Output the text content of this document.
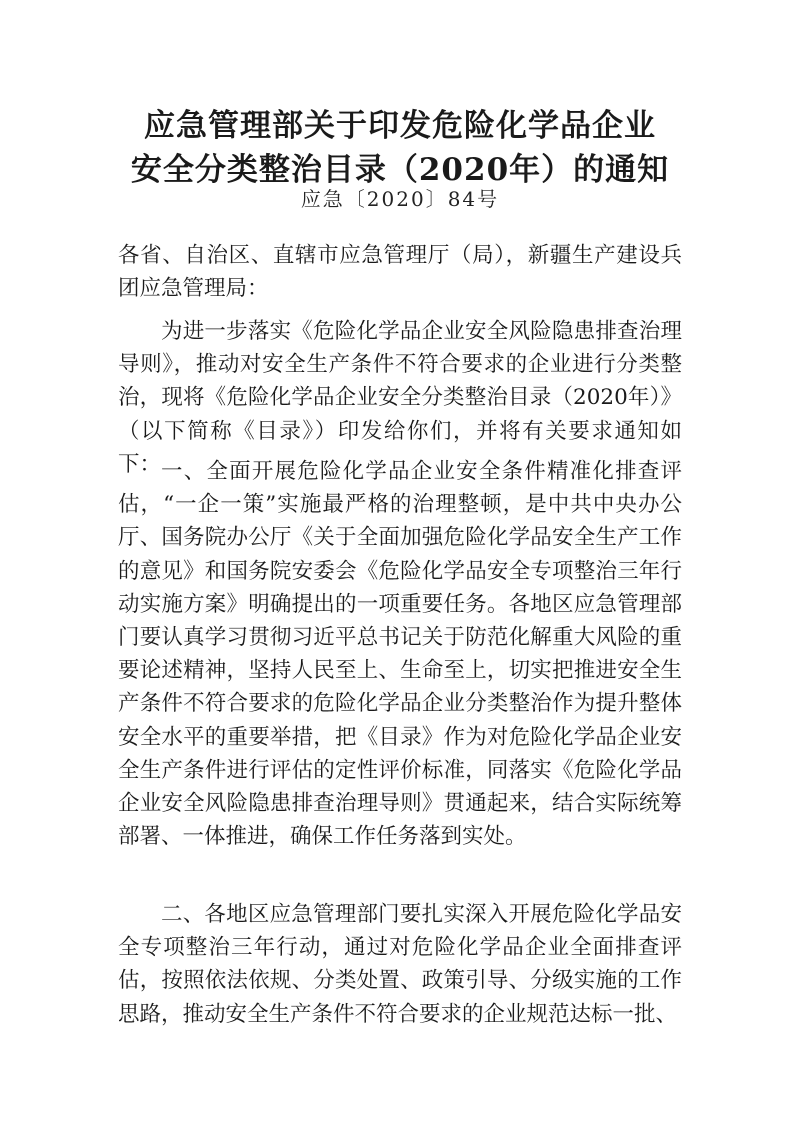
应急管理部关于印发危险化学品企业
安全分类整治目录（2020年）的通知
应急〔2020〕84号

各省、自治区、直辖市应急管理厅（局），新疆生产建设兵团应急管理局：

为进一步落实《危险化学品企业安全风险隐患排查治理导则》，推动对安全生产条件不符合要求的企业进行分类整治，现将《危险化学品企业安全分类整治目录（2020年）》（以下简称《目录》）印发给你们，并将有关要求通知如下： 一、全面开展危险化学品企业安全条件精准化排查评估，“一企一策”实施最严格的治理整顿，是中共中央办公厅、国务院办公厅《关于全面加强危险化学品安全生产工作的意见》和国务院安委会《危险化学品安全专项整治三年行动实施方案》明确提出的一项重要任务。各地区应急管理部门要认真学习贯彻习近平总书记关于防范化解重大风险的重要论述精神，坚持人民至上、生命至上，切实把推进安全生产条件不符合要求的危险化学品企业分类整治作为提升整体安全水平的重要举措，把《目录》作为对危险化学品企业安全生产条件进行评估的定性评价标准，同落实《危险化学品企业安全风险隐患排查治理导则》贯通起来，结合实际统筹部署、一体推进，确保工作任务落到实处。

二、各地区应急管理部门要扎实深入开展危险化学品安全专项整治三年行动，通过对危险化学品企业全面排查评估，按照依法依规、分类处置、政策引导、分级实施的工作思路，推动安全生产条件不符合要求的企业规范达标一批、
